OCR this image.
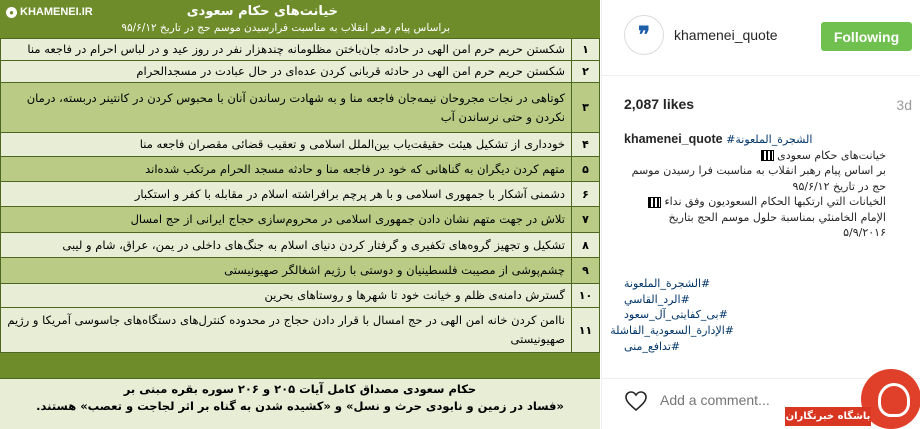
● KHAMENEI.IR	خیانت‌های حکام سعودی
براساس پیام رهبر انقلاب به مناسبت فرارسیدن موسم حج در تاریخ ۹۵/۶/۱۲
۱	شکستن حریم حرم امن الهی در حادثه جان‌باختن مظلومانه چندهزار نفر در روز عید و در لباس احرام در فاجعه منا
۲	شکستن حریم حرم امن الهی در حادثه قربانی کردن عده‌ای در حال عبادت در مسجدالحرام
۳	کوتاهی در نجات مجروحان نیمه‌جان فاجعه منا و به شهادت رساندن آنان با محبوس کردن در کانتینر دربسته، درمان نکردن و حتی نرساندن آب
۴	خودداری از تشکیل هیئت حقیقت‌یاب بین‌الملل اسلامی و تعقیب قضائی مقصران فاجعه منا
۵	متهم کردن دیگران به گناهانی که خود در فاجعه منا و حادثه مسجد الحرام مرتکب شده‌اند
۶	دشمنی آشکار با جمهوری اسلامی و با هر پرچم برافراشته اسلام در مقابله با کفر و استکبار
۷	تلاش در جهت متهم نشان دادن جمهوری اسلامی در محروم‌سازی حجاج ایرانی از حج امسال
۸	تشکیل و تجهیز گروه‌های تکفیری و گرفتار کردن دنیای اسلام به جنگ‌های داخلی در یمن، عراق، شام و لیبی
۹	چشم‌پوشی از مصیبت فلسطینیان و دوستی با رژیم اشغالگر صهیونیستی
۱۰	گسترش دامنه‌ی ظلم و خیانت خود تا شهرها و روستاهای بحرین
۱۱	ناامن کردن خانه امن الهی در حج امسال با قرار دادن حجاج در محدوده کنترل‌های دستگاه‌های جاسوسی آمریکا و رژیم صهیونیستی
حکام سعودی مصداق کامل آیات ۲۰۵ و ۲۰۶ سوره بقره مبنی بر
«فساد در زمین و نابودی حرث و نسل» و «کشیده شدن به گناه بر اثر لجاجت و تعصب» هستند.
❞ khamenei_quote	Following
2,087 likes	3d
khamenei_quote #الشجرة_الملعونة
خیانت‌های حکام سعودی
بر اساس پیام رهبر انقلاب به مناسبت فرا رسیدن موسم
حج در تاریخ ۹۵/۶/۱۲
الخيانات التي ارتكبها الحكام السعوديون وفق نداء
الإمام الخامنئي بمناسبة حلول موسم الحج بتاريخ
۵/۹/۲۰۱۶
#الشجرة_الملعونة
#الرد_القاسي
#بی_کفایتی_آل_سعود
#الإدارة_السعودية_الفاشلة
#تدافع_منی
Add a comment...
باشگاه خبرنگاران
